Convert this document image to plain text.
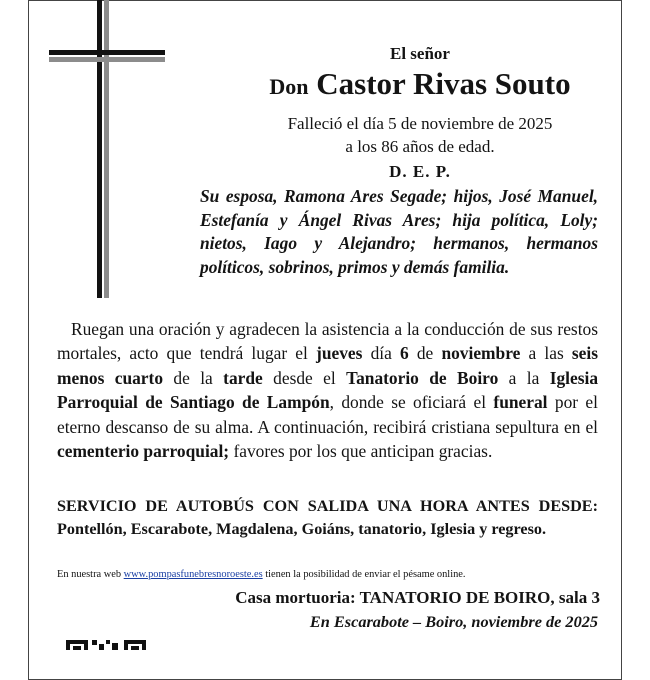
El señor
Don Castor Rivas Souto
Falleció el día 5 de noviembre de 2025
a los 86 años de edad.
D. E. P.
Su esposa, Ramona Ares Segade; hijos, José Manuel, Estefanía y Ángel Rivas Ares; hija política, Loly; nietos, Iago y Alejandro; hermanos, hermanos políticos, sobrinos, primos y demás familia.

Ruegan una oración y agradecen la asistencia a la conducción de sus restos mortales, acto que tendrá lugar el jueves día 6 de noviembre a las seis menos cuarto de la tarde desde el Tanatorio de Boiro a la Iglesia Parroquial de Santiago de Lampón, donde se oficiará el funeral por el eterno descanso de su alma. A continuación, recibirá cristiana sepultura en el cementerio parroquial; favores por los que anticipan gracias.

SERVICIO DE AUTOBÚS CON SALIDA UNA HORA ANTES DESDE: Pontellón, Escarabote, Magdalena, Goiáns, tanatorio, Iglesia y regreso.
En nuestra web www.pompasfunebresnoroeste.es tienen la posibilidad de enviar el pésame online.
Casa mortuoria: TANATORIO DE BOIRO, sala 3
En Escarabote – Boiro, noviembre de 2025
